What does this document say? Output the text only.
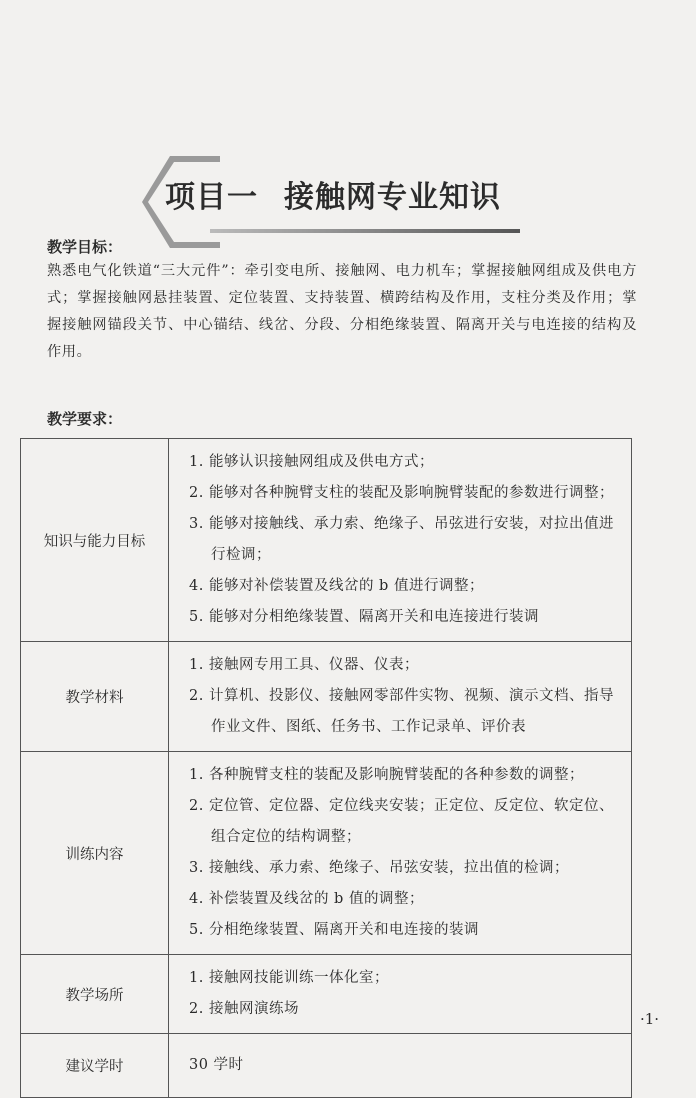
项目一 接触网专业知识
教学目标：
熟悉电气化铁道“三大元件”：牵引变电所、接触网、电力机车；掌握接触网组成及供电方式；掌握接触网悬挂装置、定位装置、支持装置、横跨结构及作用，支柱分类及作用；掌握接触网锚段关节、中心锚结、线岔、分段、分相绝缘装置、隔离开关与电连接的结构及作用。
教学要求：
知识与能力目标	1. 能够认识接触网组成及供电方式；
2. 能够对各种腕臂支柱的装配及影响腕臂装配的参数进行调整；
3. 能够对接触线、承力索、绝缘子、吊弦进行安装，对拉出值进行检调；
4. 能够对补偿装置及线岔的 b 值进行调整；
5. 能够对分相绝缘装置、隔离开关和电连接进行装调

教学材料	1. 接触网专用工具、仪器、仪表；
2. 计算机、投影仪、接触网零部件实物、视频、演示文档、指导作业文件、图纸、任务书、工作记录单、评价表

训练内容	1. 各种腕臂支柱的装配及影响腕臂装配的各种参数的调整；
2. 定位管、定位器、定位线夹安装；正定位、反定位、软定位、组合定位的结构调整；
3. 接触线、承力索、绝缘子、吊弦安装，拉出值的检调；
4. 补偿装置及线岔的 b 值的调整；
5. 分相绝缘装置、隔离开关和电连接的装调

教学场所	1. 接触网技能训练一体化室；
2. 接触网演练场

建议学时	30 学时
·1·
